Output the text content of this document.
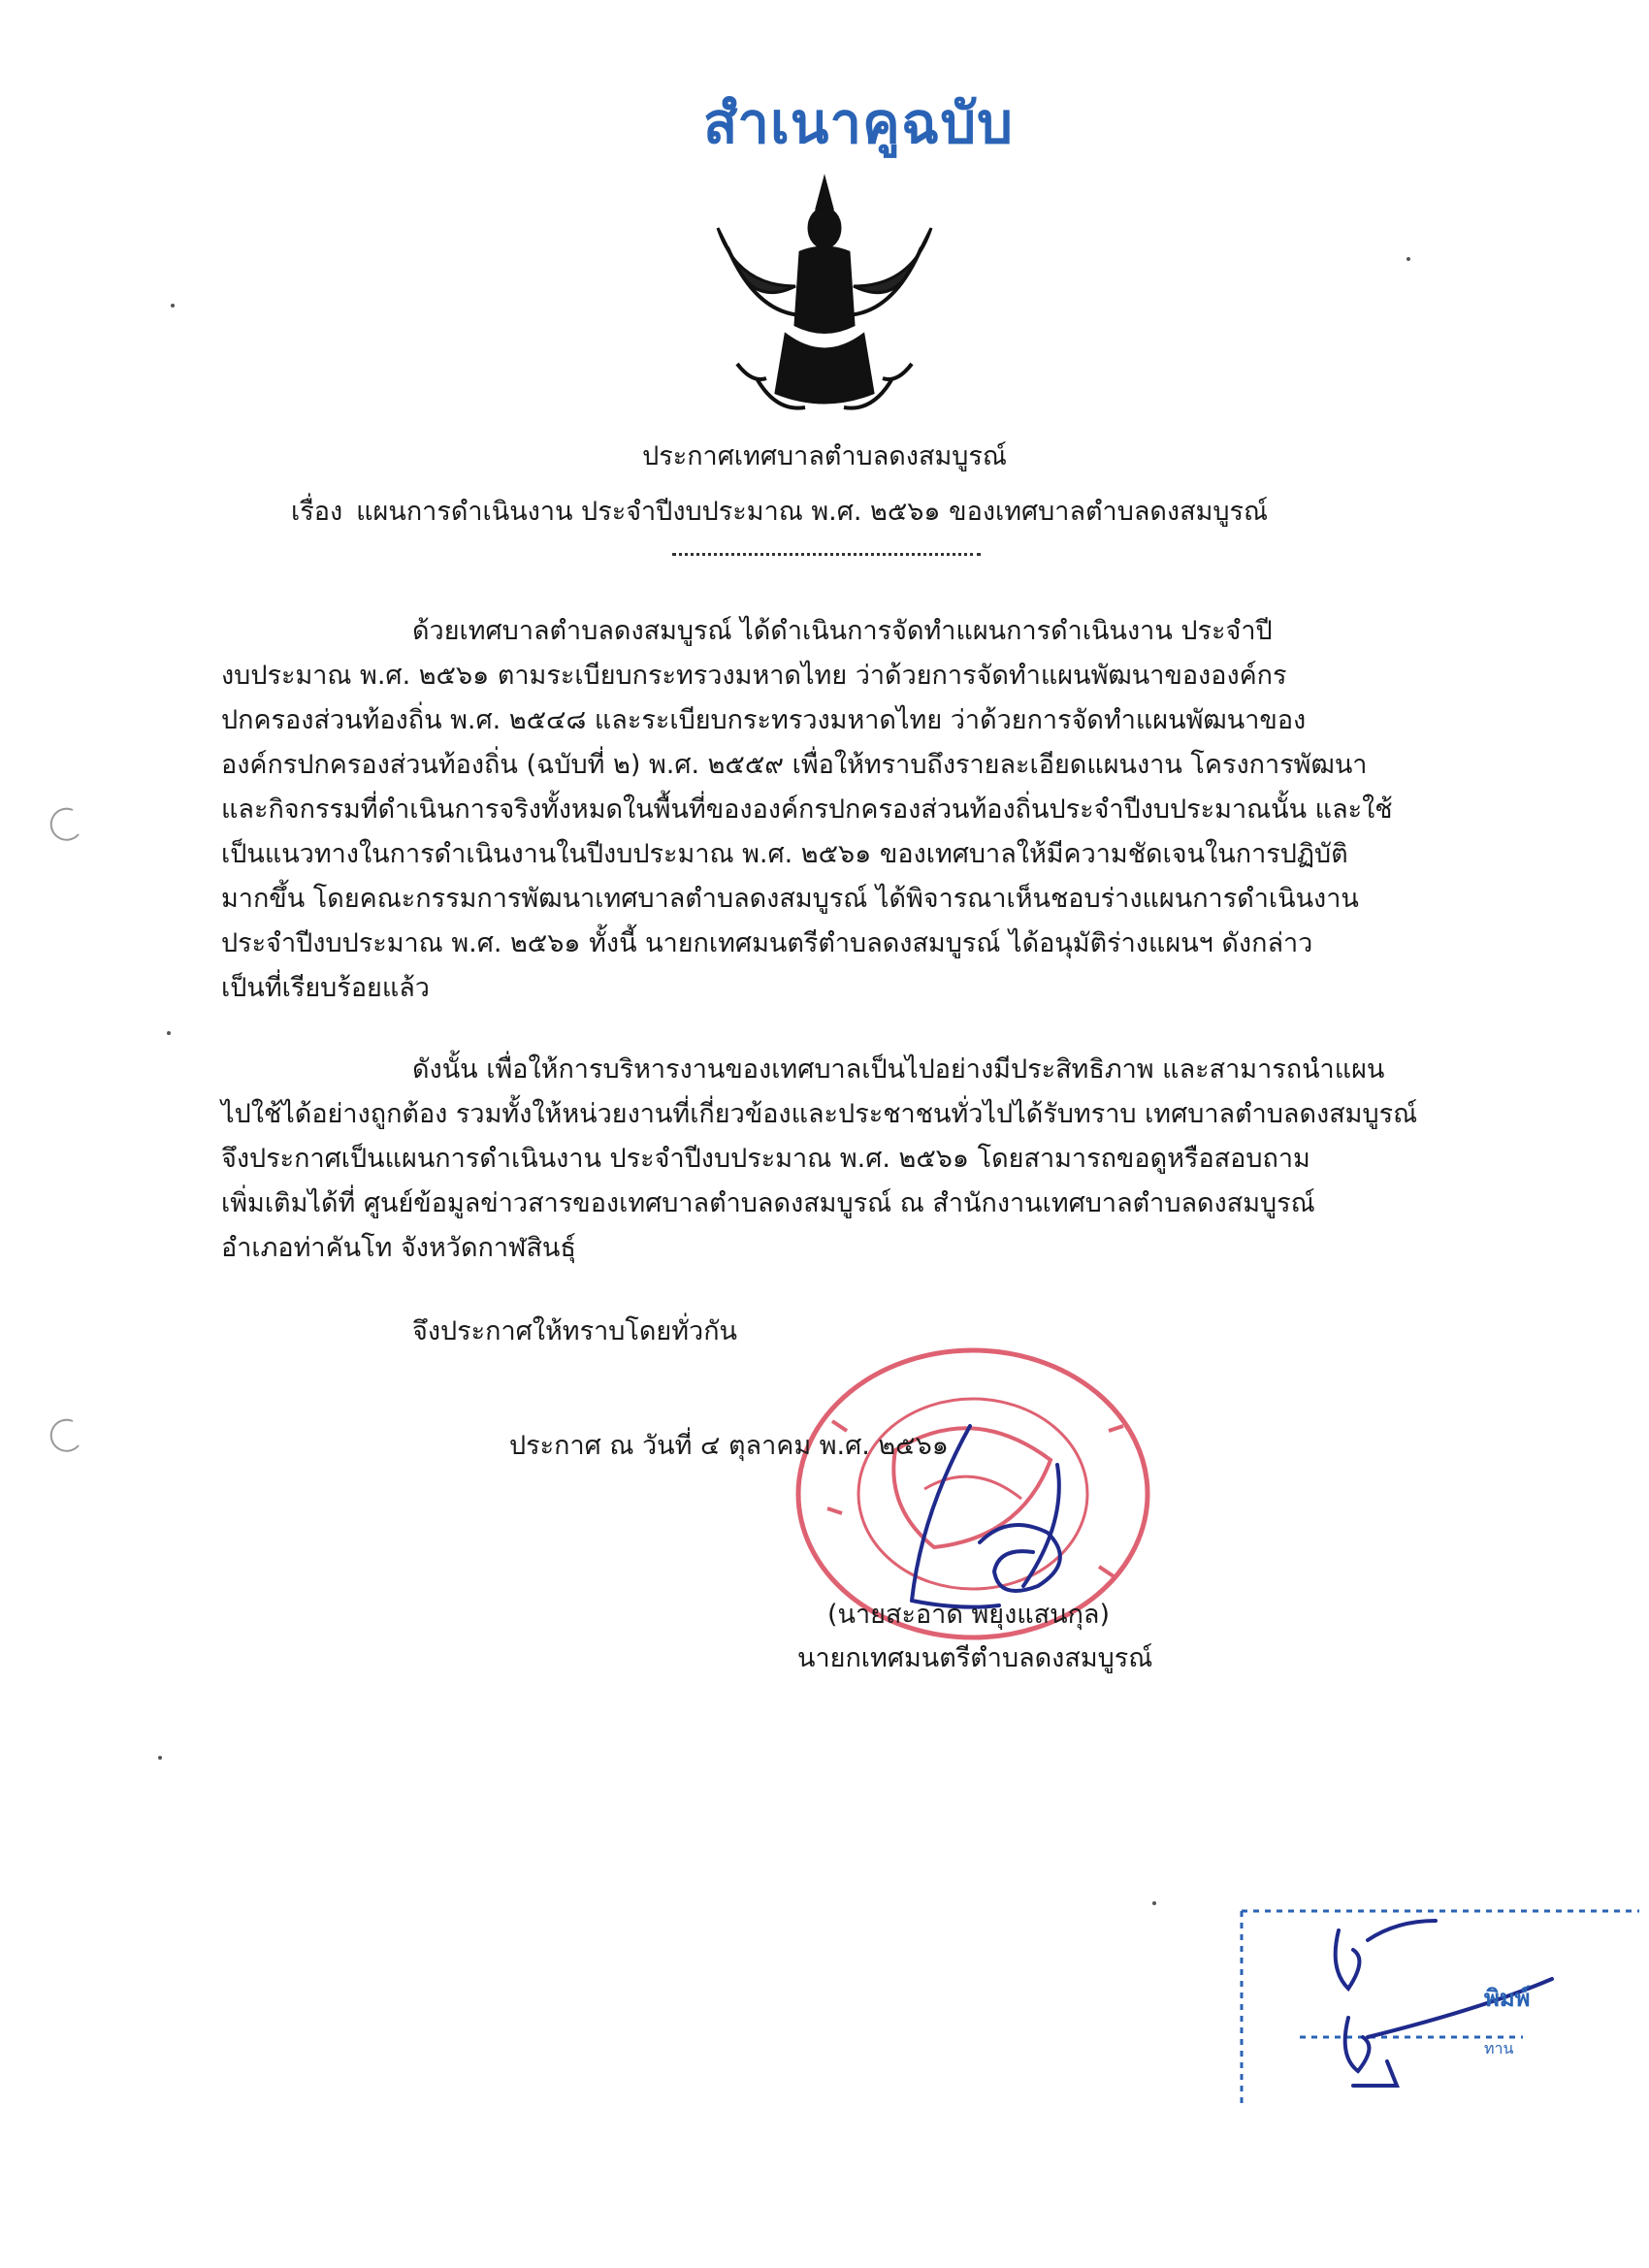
สำเนาคูฉบับ
ประกาศเทศบาลตำบลดงสมบูรณ์
เรื่อง แผนการดำเนินงาน ประจำปีงบประมาณ พ.ศ. ๒๕๖๑ ของเทศบาลตำบลดงสมบูรณ์
ด้วยเทศบาลตำบลดงสมบูรณ์ ได้ดำเนินการจัดทำแผนการดำเนินงาน ประจำปี
งบประมาณ พ.ศ. ๒๕๖๑ ตามระเบียบกระทรวงมหาดไทย ว่าด้วยการจัดทำแผนพัฒนาขององค์กร
ปกครองส่วนท้องถิ่น พ.ศ. ๒๕๔๘ และระเบียบกระทรวงมหาดไทย ว่าด้วยการจัดทำแผนพัฒนาของ
องค์กรปกครองส่วนท้องถิ่น (ฉบับที่ ๒) พ.ศ. ๒๕๕๙ เพื่อให้ทราบถึงรายละเอียดแผนงาน โครงการพัฒนา
และกิจกรรมที่ดำเนินการจริงทั้งหมดในพื้นที่ขององค์กรปกครองส่วนท้องถิ่นประจำปีงบประมาณนั้น และใช้
เป็นแนวทางในการดำเนินงานในปีงบประมาณ พ.ศ. ๒๕๖๑ ของเทศบาลให้มีความชัดเจนในการปฏิบัติ
มากขึ้น โดยคณะกรรมการพัฒนาเทศบาลตำบลดงสมบูรณ์ ได้พิจารณาเห็นชอบร่างแผนการดำเนินงาน
ประจำปีงบประมาณ พ.ศ. ๒๕๖๑ ทั้งนี้ นายกเทศมนตรีตำบลดงสมบูรณ์ ได้อนุมัติร่างแผนฯ ดังกล่าว
เป็นที่เรียบร้อยแล้ว
ดังนั้น เพื่อให้การบริหารงานของเทศบาลเป็นไปอย่างมีประสิทธิภาพ และสามารถนำแผน
ไปใช้ได้อย่างถูกต้อง รวมทั้งให้หน่วยงานที่เกี่ยวข้องและประชาชนทั่วไปได้รับทราบ เทศบาลตำบลดงสมบูรณ์
จึงประกาศเป็นแผนการดำเนินงาน ประจำปีงบประมาณ พ.ศ. ๒๕๖๑ โดยสามารถขอดูหรือสอบถาม
เพิ่มเติมได้ที่ ศูนย์ข้อมูลข่าวสารของเทศบาลตำบลดงสมบูรณ์ ณ สำนักงานเทศบาลตำบลดงสมบูรณ์
อำเภอท่าคันโท จังหวัดกาฬสินธุ์
จึงประกาศให้ทราบโดยทั่วกัน
ประกาศ ณ วันที่ ๔ ตุลาคม พ.ศ. ๒๕๖๑
(นายสะอาด พยุงแสนกุล)
นายกเทศมนตรีตำบลดงสมบูรณ์
พิมพ์
ทาน
